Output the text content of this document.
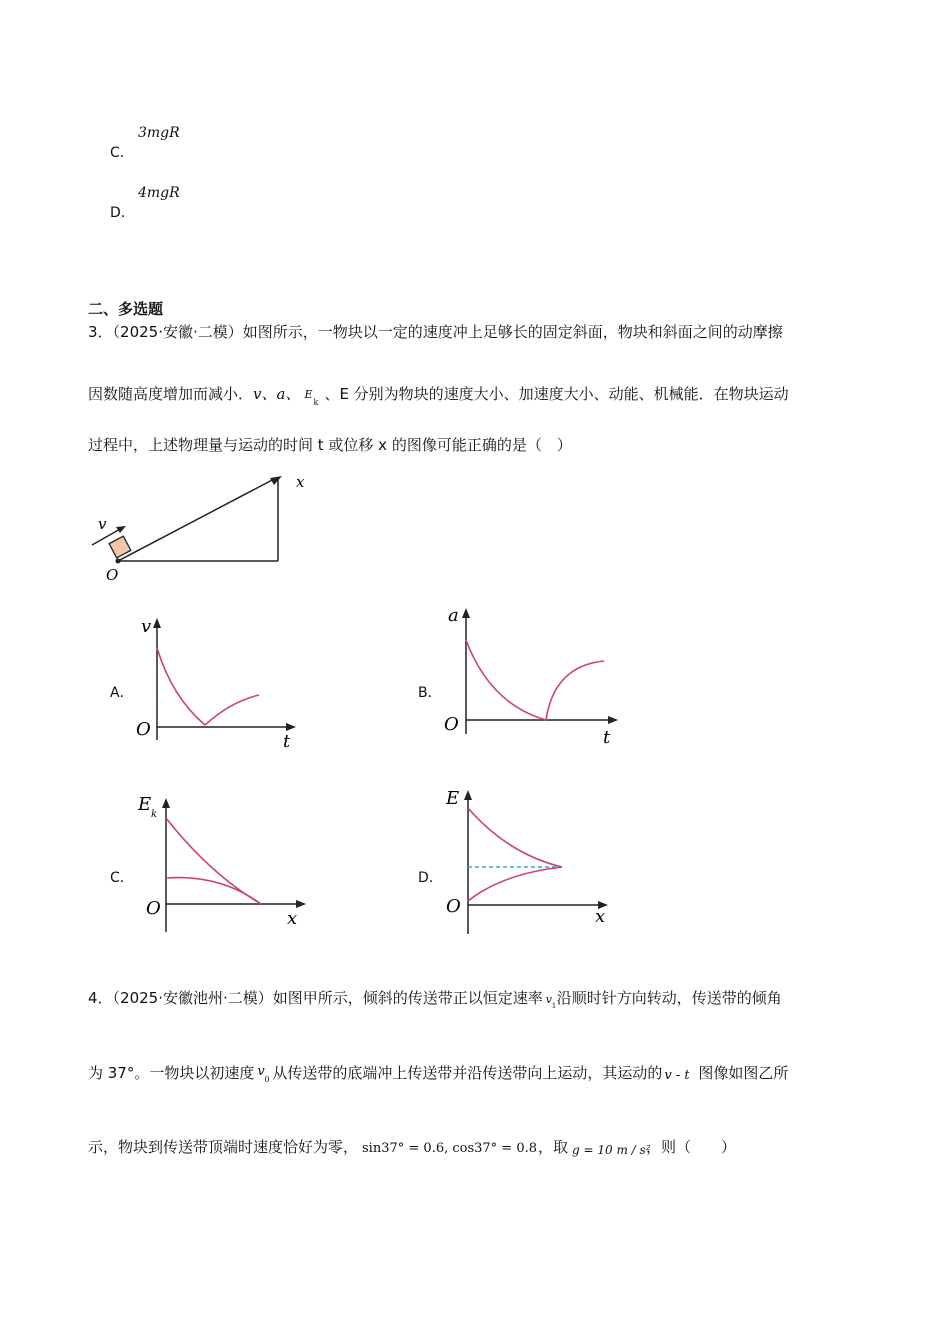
C．
3mgR
D．
4mgR
二、多选题
3．（2025·安徽·二模）如图所示，一物块以一定的速度冲上足够长的固定斜面，物块和斜面之间的动摩擦
因数随高度增加而减小．v、a、 E
k 、E 分别为物块的速度大小、加速度大小、动能、机械能．在物块运动
过程中，上述物理量与运动的时间 t 或位移 x 的图像可能正确的是（　）
v
O
x
A．
v
O
t
B．
a
O
t
C．
E k
O	x
D．
E
O	x
4．（2025·安徽池州·二模）如图甲所示，倾斜的传送带正以恒定速率 v 1 沿顺时针方向转动，传送带的倾角
为 37°。一物块以初速度 v
0 从传送带的底端冲上传送带并沿传送带向上运动，其运动的 v - t 图像如图乙所
示，物块到传送带顶端时速度恰好为零， sin37° = 0.6, cos37° = 0.8 ，取 g = 10 m / s²
，则（　　）
